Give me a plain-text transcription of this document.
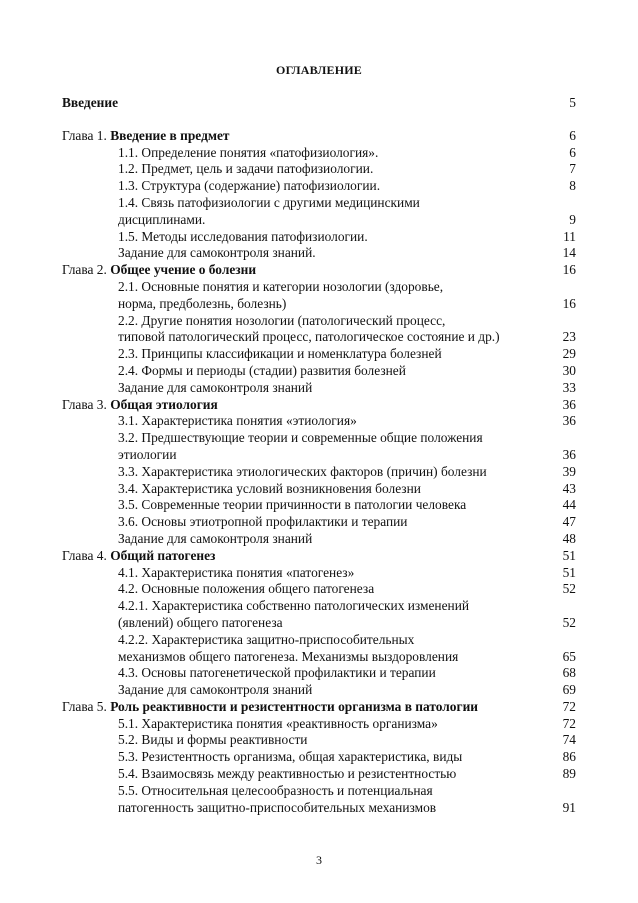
ОГЛАВЛЕНИЕ
Введение	5
Глава 1. Введение в предмет	6
1.1. Определение понятия «патофизиология».	6
1.2. Предмет, цель и задачи патофизиологии.	7
1.3. Структура (содержание) патофизиологии.	8
1.4. Связь патофизиологии с другими медицинскими
дисциплинами.	9
1.5. Методы исследования патофизиологии.	11
Задание для самоконтроля знаний.	14
Глава 2. Общее учение о болезни	16
2.1. Основные понятия и категории нозологии (здоровье,
норма, предболезнь, болезнь)	16
2.2. Другие понятия нозологии (патологический процесс,
типовой патологический процесс, патологическое состояние и др.)	23
2.3. Принципы классификации и номенклатура болезней	29
2.4. Формы и периоды (стадии) развития болезней	30
Задание для самоконтроля знаний	33
Глава 3. Общая этиология	36
3.1. Характеристика понятия «этиология»	36
3.2. Предшествующие теории и современные общие положения
этиологии	36
3.3. Характеристика этиологических факторов (причин) болезни	39
3.4. Характеристика условий возникновения болезни	43
3.5. Современные теории причинности в патологии человека	44
3.6. Основы этиотропной профилактики и терапии	47
Задание для самоконтроля знаний	48
Глава 4. Общий патогенез	51
4.1. Характеристика понятия «патогенез»	51
4.2. Основные положения общего патогенеза	52
4.2.1. Характеристика собственно патологических изменений
(явлений) общего патогенеза	52
4.2.2. Характеристика защитно-приспособительных
механизмов общего патогенеза. Механизмы выздоровления	65
4.3. Основы патогенетической профилактики и терапии	68
Задание для самоконтроля знаний	69
Глава 5. Роль реактивности и резистентности организма в патологии	72
5.1. Характеристика понятия «реактивность организма»	72
5.2. Виды и формы реактивности	74
5.3. Резистентность организма, общая характеристика, виды	86
5.4. Взаимосвязь между реактивностью и резистентностью	89
5.5. Относительная целесообразность и потенциальная
патогенность защитно-приспособительных механизмов	91
3
